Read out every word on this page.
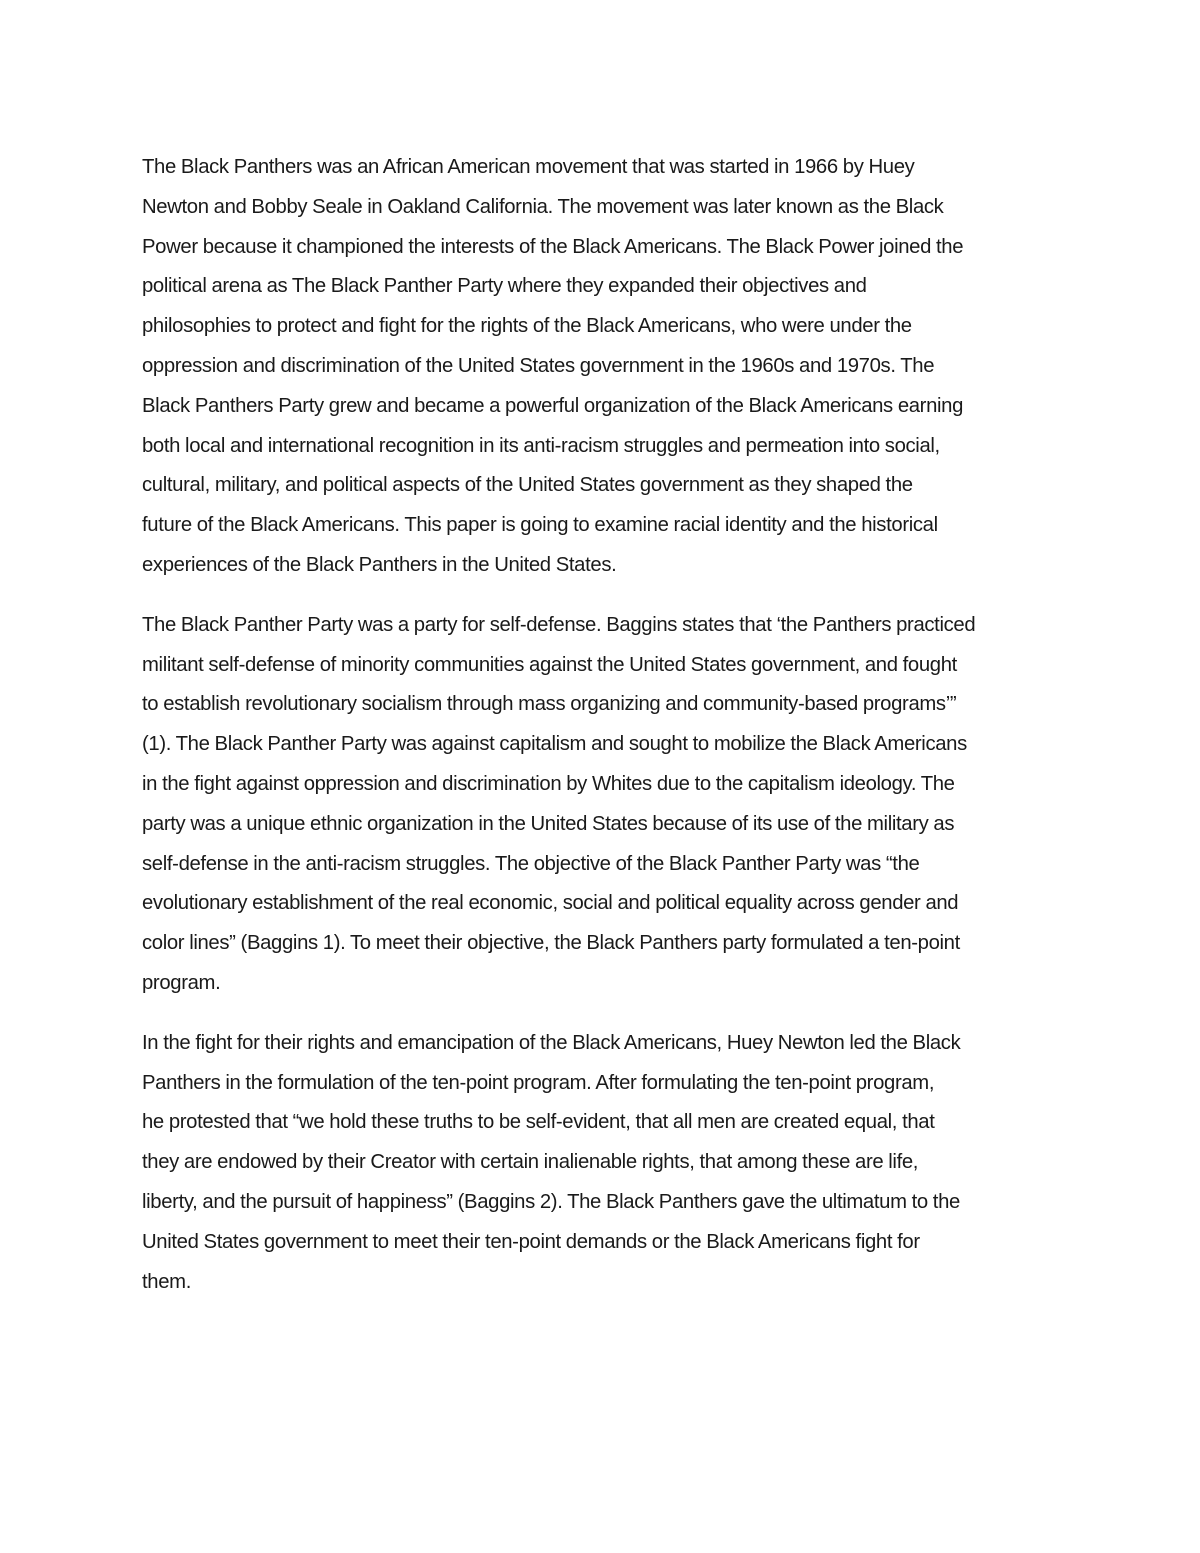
The Black Panthers was an African American movement that was started in 1966 by Huey
Newton and Bobby Seale in Oakland California. The movement was later known as the Black
Power because it championed the interests of the Black Americans. The Black Power joined the
political arena as The Black Panther Party where they expanded their objectives and
philosophies to protect and fight for the rights of the Black Americans, who were under the
oppression and discrimination of the United States government in the 1960s and 1970s. The
Black Panthers Party grew and became a powerful organization of the Black Americans earning
both local and international recognition in its anti-racism struggles and permeation into social,
cultural, military, and political aspects of the United States government as they shaped the
future of the Black Americans. This paper is going to examine racial identity and the historical
experiences of the Black Panthers in the United States.

The Black Panther Party was a party for self-defense. Baggins states that ‘the Panthers practiced
militant self-defense of minority communities against the United States government, and fought
to establish revolutionary socialism through mass organizing and community-based programs’”
(1). The Black Panther Party was against capitalism and sought to mobilize the Black Americans
in the fight against oppression and discrimination by Whites due to the capitalism ideology. The
party was a unique ethnic organization in the United States because of its use of the military as
self-defense in the anti-racism struggles. The objective of the Black Panther Party was “the
evolutionary establishment of the real economic, social and political equality across gender and
color lines” (Baggins 1). To meet their objective, the Black Panthers party formulated a ten-point
program.

In the fight for their rights and emancipation of the Black Americans, Huey Newton led the Black
Panthers in the formulation of the ten-point program. After formulating the ten-point program,
he protested that “we hold these truths to be self-evident, that all men are created equal, that
they are endowed by their Creator with certain inalienable rights, that among these are life,
liberty, and the pursuit of happiness” (Baggins 2). The Black Panthers gave the ultimatum to the
United States government to meet their ten-point demands or the Black Americans fight for
them.
